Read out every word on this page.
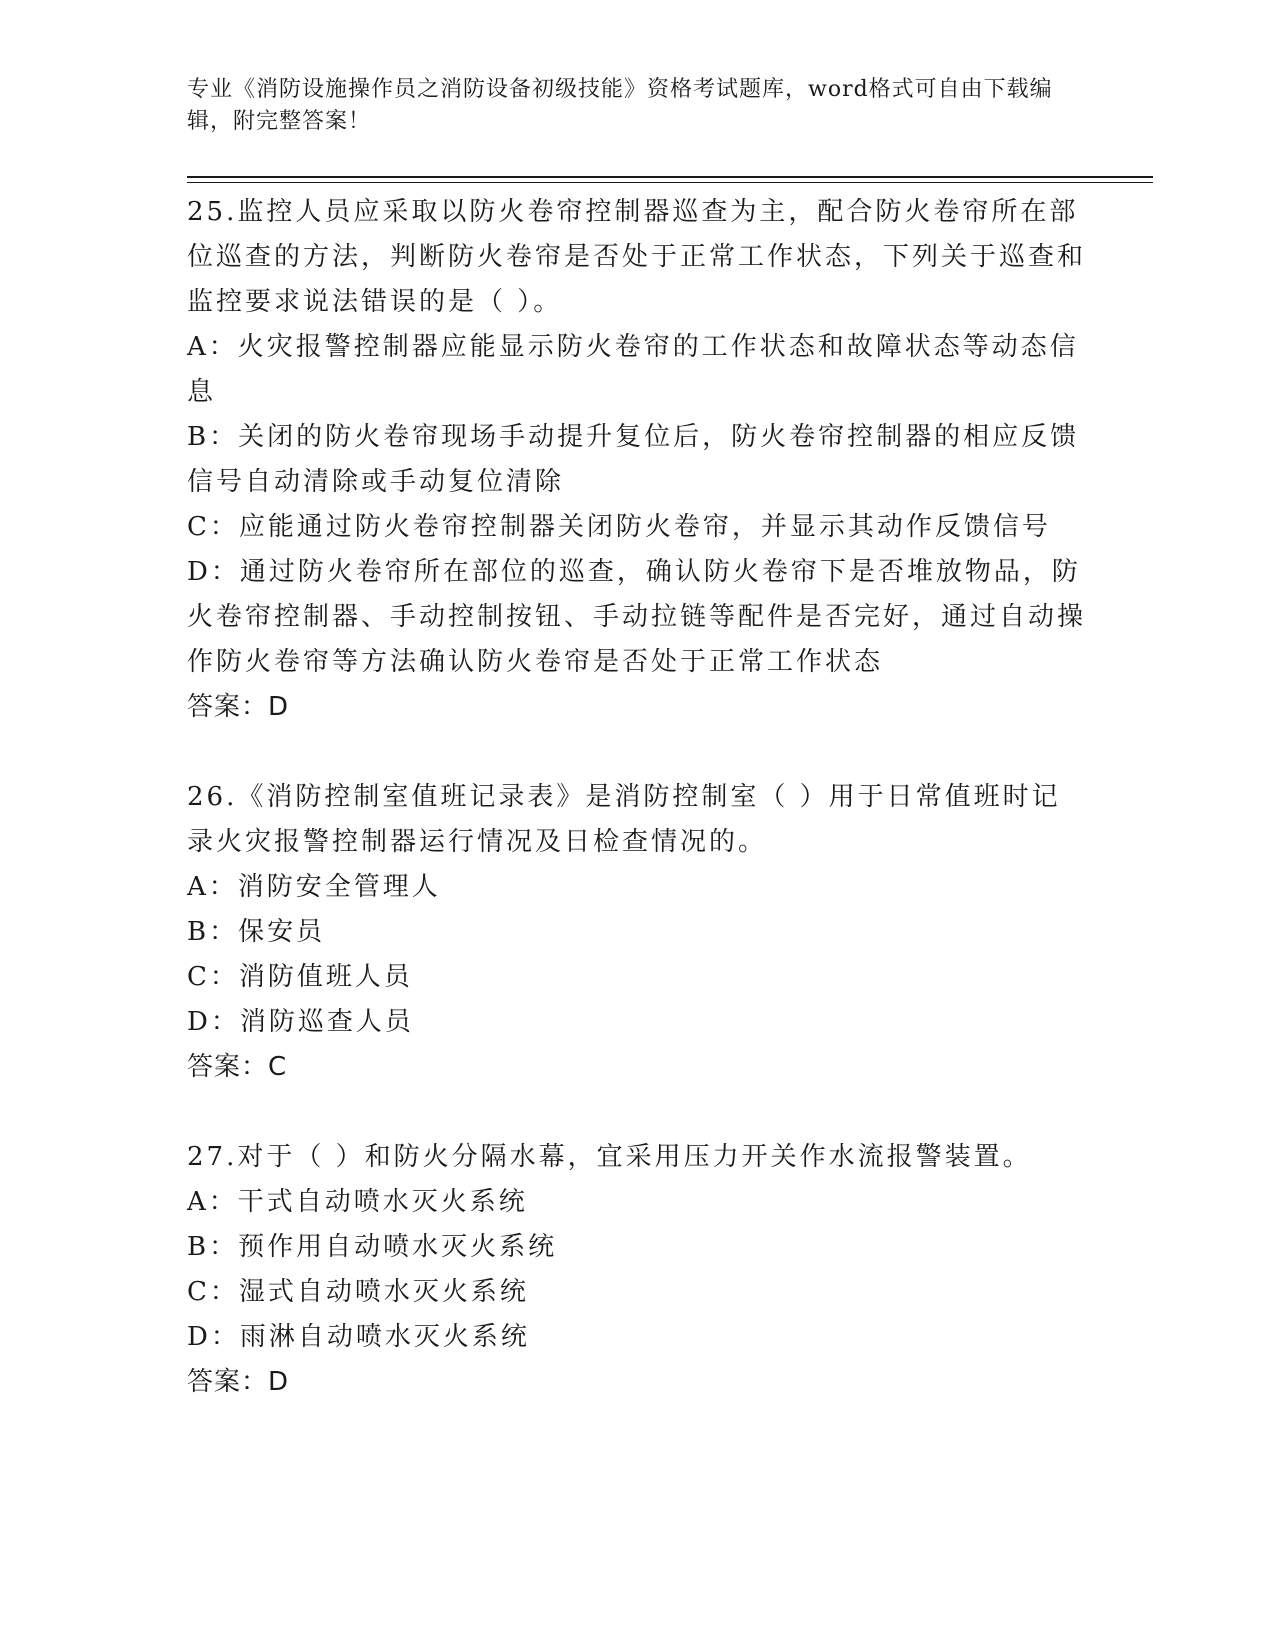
专业《消防设施操作员之消防设备初级技能》资格考试题库，word格式可自由下载编辑，附完整答案！
25.监控人员应采取以防火卷帘控制器巡查为主，配合防火卷帘所在部位巡查的方法，判断防火卷帘是否处于正常工作状态，下列关于巡查和监控要求说法错误的是（ ）。
A：火灾报警控制器应能显示防火卷帘的工作状态和故障状态等动态信息
B：关闭的防火卷帘现场手动提升复位后，防火卷帘控制器的相应反馈信号自动清除或手动复位清除
C：应能通过防火卷帘控制器关闭防火卷帘，并显示其动作反馈信号
D：通过防火卷帘所在部位的巡查，确认防火卷帘下是否堆放物品，防火卷帘控制器、手动控制按钮、手动拉链等配件是否完好，通过自动操作防火卷帘等方法确认防火卷帘是否处于正常工作状态
答案：D
26.《消防控制室值班记录表》是消防控制室（ ）用于日常值班时记录火灾报警控制器运行情况及日检查情况的。
A：消防安全管理人
B：保安员
C：消防值班人员
D：消防巡查人员
答案：C
27.对于（ ）和防火分隔水幕，宜采用压力开关作水流报警装置。
A：干式自动喷水灭火系统
B：预作用自动喷水灭火系统
C：湿式自动喷水灭火系统
D：雨淋自动喷水灭火系统
答案：D
